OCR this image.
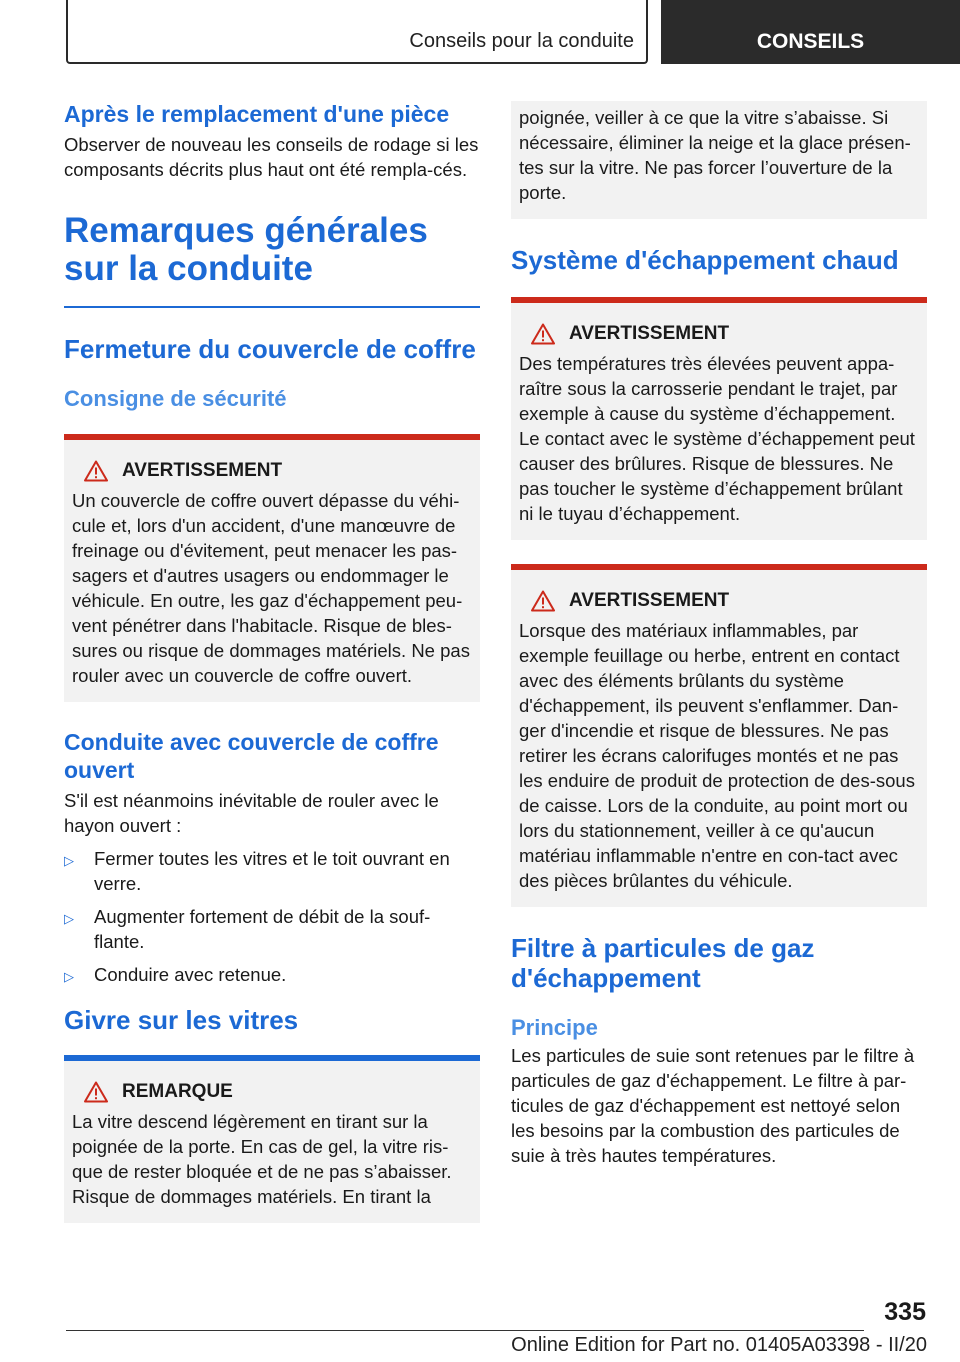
Conseils pour la conduite	CONSEILS
Après le remplacement d'une pièce

Observer de nouveau les conseils de rodage si les composants décrits plus haut ont été rempla-cés.

Remarques générales sur la conduite
Fermeture du couvercle de coffre
Consigne de sécurité
AVERTISSEMENT

Un couvercle de coffre ouvert dépasse du véhi-cule et, lors d'un accident, d'une manœuvre de freinage ou d'évitement, peut menacer les pas-sagers et d'autres usagers ou endommager le véhicule. En outre, les gaz d'échappement peu-vent pénétrer dans l'habitacle. Risque de bles-sures ou risque de dommages matériels. Ne pas rouler avec un couvercle de coffre ouvert.

Conduite avec couvercle de coffre ouvert

S'il est néanmoins inévitable de rouler avec le hayon ouvert :

▷	Fermer toutes les vitres et le toit ouvrant en verre.
▷	Augmenter fortement de débit de la souf-flante.
▷	Conduire avec retenue.
Givre sur les vitres
REMARQUE

La vitre descend légèrement en tirant sur la poignée de la porte. En cas de gel, la vitre ris-que de rester bloquée et de ne pas s’abaisser. Risque de dommages matériels. En tirant la

poignée, veiller à ce que la vitre s’abaisse. Si nécessaire, éliminer la neige et la glace présen-tes sur la vitre. Ne pas forcer l’ouverture de la porte.

Système d'échappement chaud
AVERTISSEMENT

Des températures très élevées peuvent appa-raître sous la carrosserie pendant le trajet, par exemple à cause du système d’échappement. Le contact avec le système d’échappement peut causer des brûlures. Risque de blessures. Ne pas toucher le système d’échappement brûlant ni le tuyau d’échappement.

AVERTISSEMENT

Lorsque des matériaux inflammables, par exemple feuillage ou herbe, entrent en contact avec des éléments brûlants du système d'échappement, ils peuvent s'enflammer. Dan-ger d'incendie et risque de blessures. Ne pas retirer les écrans calorifuges montés et ne pas les enduire de produit de protection de des-sous de caisse. Lors de la conduite, au point mort ou lors du stationnement, veiller à ce qu'aucun matériau inflammable n'entre en con-tact avec des pièces brûlantes du véhicule.

Filtre à particules de gaz d'échappement
Principe

Les particules de suie sont retenues par le filtre à particules de gaz d'échappement. Le filtre à par-ticules de gaz d'échappement est nettoyé selon les besoins par la combustion des particules de suie à très hautes températures.

335
Online Edition for Part no. 01405A03398 - II/20
